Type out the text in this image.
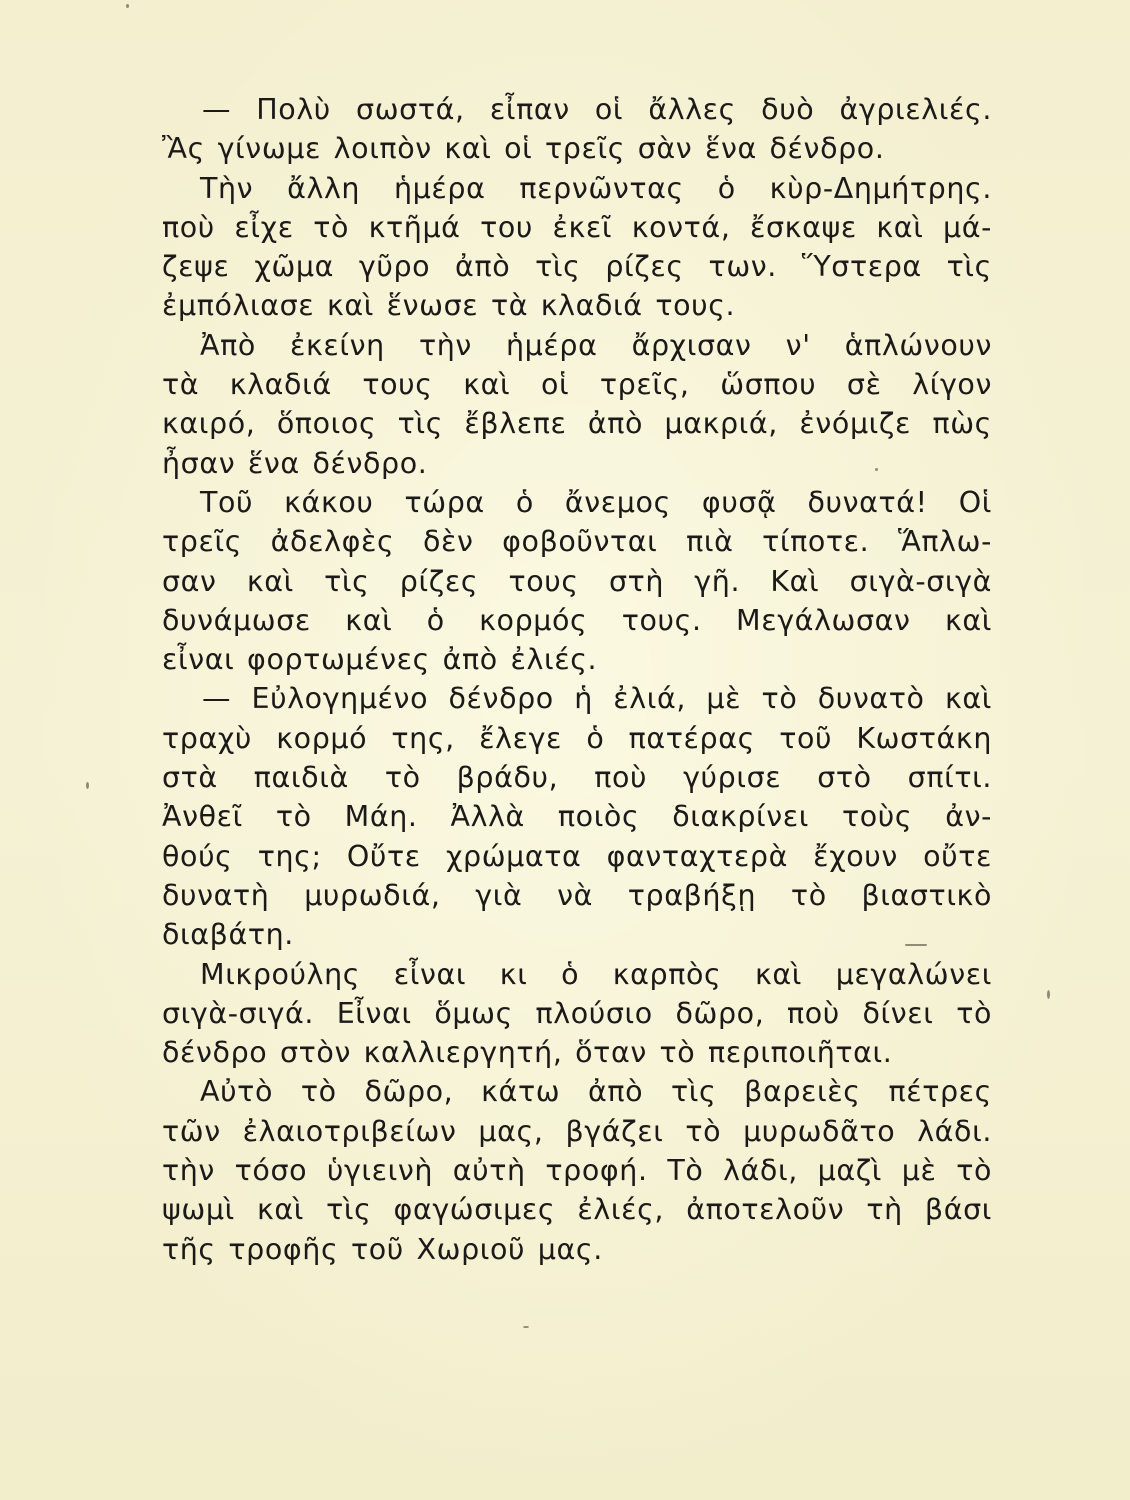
— Πολὺ σωστά, εἶπαν οἱ ἄλλες δυὸ ἀγριελιές.
Ἂς γίνωμε λοιπὸν καὶ οἱ τρεῖς σὰν ἕνα δένδρο.
Τὴν ἄλλη ἡμέρα περνῶντας ὁ κὺρ-Δημήτρης.
ποὺ εἶχε τὸ κτῆμά του ἐκεῖ κοντά, ἔσκαψε καὶ μά-
ζεψε χῶμα γῦρο ἀπὸ τὶς ρίζες των. Ὕστερα τὶς
ἐμπόλιασε καὶ ἕνωσε τὰ κλαδιά τους.
Ἀπὸ ἐκείνη τὴν ἡμέρα ἄρχισαν ν' ἁπλώνουν
τὰ κλαδιά τους καὶ οἱ τρεῖς, ὥσπου σὲ λίγον
καιρό, ὅποιος τὶς ἔβλεπε ἀπὸ μακριά, ἐνόμιζε πὼς
ἦσαν ἕνα δένδρο.
Τοῦ κάκου τώρα ὁ ἄνεμος φυσᾷ δυνατά! Οἱ
τρεῖς ἀδελφὲς δὲν φοβοῦνται πιὰ τίποτε. Ἅπλω-
σαν καὶ τὶς ρίζες τους στὴ γῆ. Καὶ σιγὰ-σιγὰ
δυνάμωσε καὶ ὁ κορμός τους. Μεγάλωσαν καὶ
εἶναι φορτωμένες ἀπὸ ἐλιές.
— Εὐλογημένο δένδρο ἡ ἐλιά, μὲ τὸ δυνατὸ καὶ
τραχὺ κορμό της, ἔλεγε ὁ πατέρας τοῦ Κωστάκη
στὰ παιδιὰ τὸ βράδυ, ποὺ γύρισε στὸ σπίτι.
Ἀνθεῖ τὸ Μάη. Ἀλλὰ ποιὸς διακρίνει τοὺς ἀν-
θούς της; Οὔτε χρώματα φανταχτερὰ ἔχουν οὔτε
δυνατὴ μυρωδιά, γιὰ νὰ τραβήξῃ τὸ βιαστικὸ
διαβάτη.
Μικρούλης εἶναι κι ὁ καρπὸς καὶ μεγαλώνει
σιγὰ-σιγά. Εἶναι ὅμως πλούσιο δῶρο, ποὺ δίνει τὸ
δένδρο στὸν καλλιεργητή, ὅταν τὸ περιποιῆται.
Αὐτὸ τὸ δῶρο, κάτω ἀπὸ τὶς βαρειὲς πέτρες
τῶν ἐλαιοτριβείων μας, βγάζει τὸ μυρωδᾶτο λάδι.
τὴν τόσο ὑγιεινὴ αὐτὴ τροφή. Τὸ λάδι, μαζὶ μὲ τὸ
ψωμὶ καὶ τὶς φαγώσιμες ἐλιές, ἀποτελοῦν τὴ βάσι
τῆς τροφῆς τοῦ Χωριοῦ μας.
